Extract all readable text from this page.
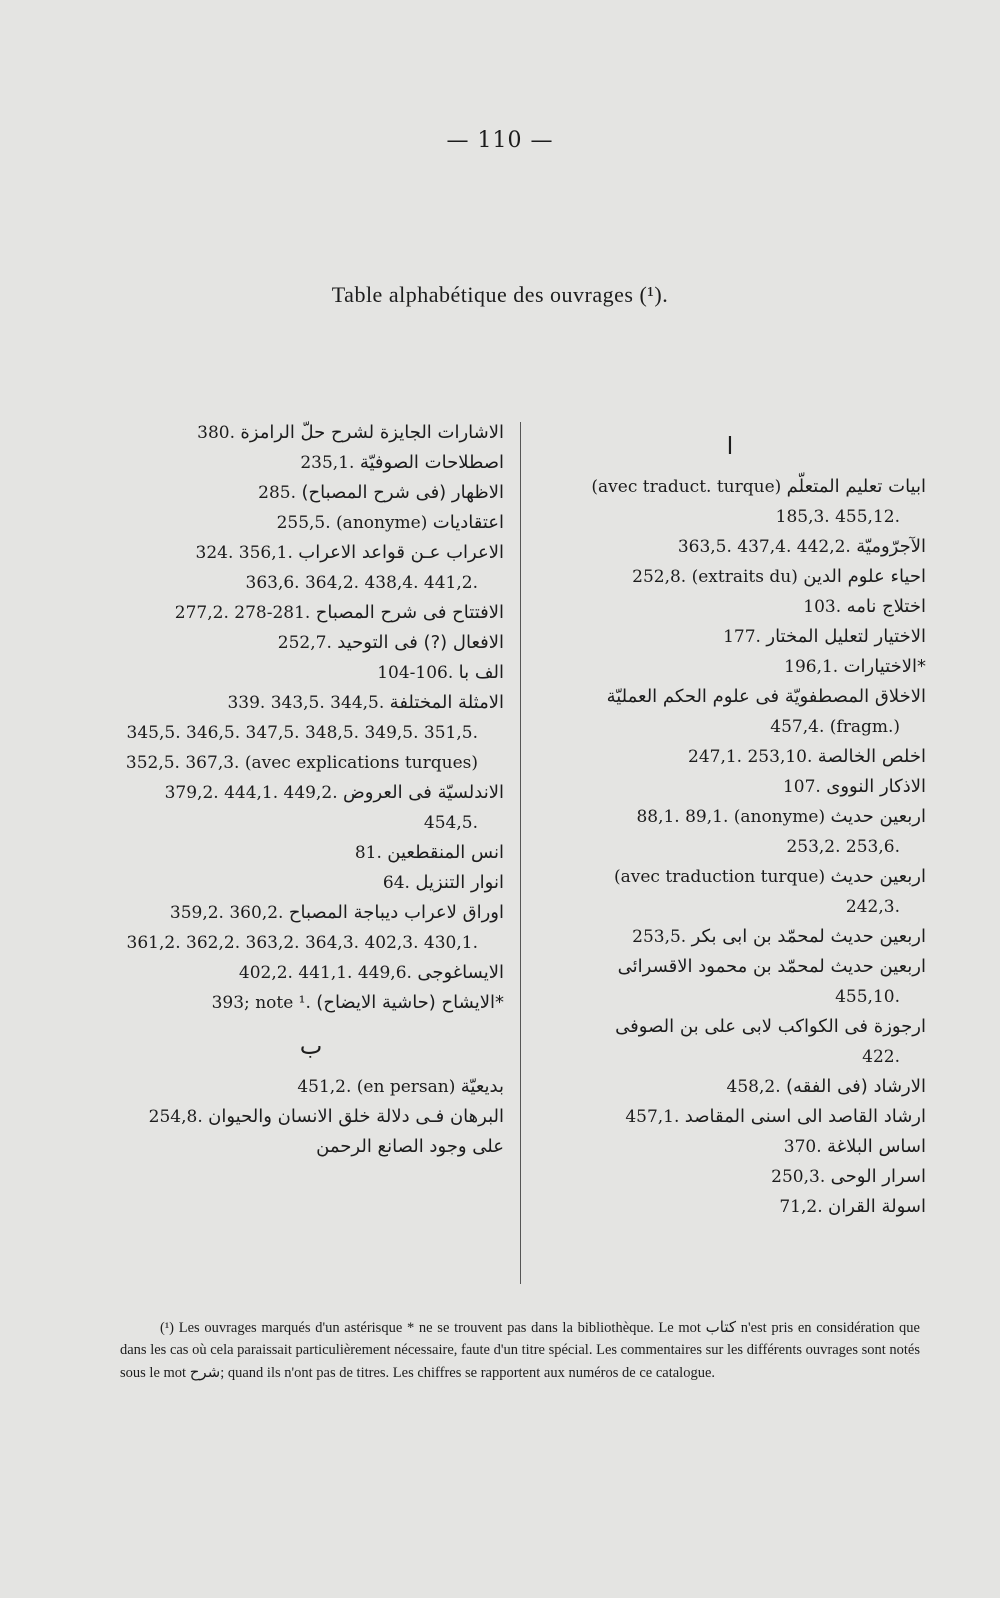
— 110 —
Table alphabétique des ouvrages (¹).
380. الاشارات الجايزة لشرح حلّ الرامزة
235,1. اصطلاحات الصوفيّة
285. الاظهار (فى شرح المصباح)
255,5. (anonyme) اعتقاديات
324. 356,1. الاعراب عـن قواعد الاعراب
363,6. 364,2. 438,4. 441,2.
277,2. 278-281. الافتتاح فى شرح المصباح
252,7. الافعال (?) فى التوحيد
104-106. الف با
339. 343,5. 344,5. الامثلة المختلفة
345,5. 346,5. 347,5. 348,5. 349,5. 351,5. 352,5. 367,3. (avec explications turques)
379,2. 444,1. 449,2. الاندلسيّة فى العروض
454,5.
81. انس المنقطعين
64. انوار التنزيل
359,2. 360,2. اوراق لاعراب ديباجة المصباح
361,2. 362,2. 363,2. 364,3. 402,3. 430,1.
402,2. 441,1. 449,6. الايساغوجى
393; note ¹. *الايشاح (حاشية الايضاح)
ب
451,2. (en persan) بديعيّة
254,8. البرهان فـى دلالة خلق الانسان والحيوان على وجود الصانع الرحمن
ا
(avec traduct. turque) ابيات تعليم المتعلّم
185,3. 455,12.
363,5. 437,4. 442,2. الآجرّوميّة
252,8. (extraits du) احياء علوم الدين
103. اختلاج نامه
177. الاختيار لتعليل المختار
196,1. *الاختيارات
الاخلاق المصطفويّة فى علوم الحكم العمليّة
457,4. (fragm.)
247,1. 253,10. اخلص الخالصة
107. الاذكار النووى
88,1. 89,1. (anonyme) اربعين حديث
253,2. 253,6.
(avec traduction turque) اربعين حديث
242,3.
253,5. اربعين حديث لمحمّد بن ابى بكر
اربعين حديث لمحمّد بن محمود الاقسرائى
455,10.
ارجوزة فى الكواكب لابى على بن الصوفى
422.
458,2. الارشاد (فى الفقه)
457,1. ارشاد القاصد الى اسنى المقاصد
370. اساس البلاغة
250,3. اسرار الوحى
71,2. اسولة القران

(¹) Les ouvrages marqués d'un astérisque * ne se trouvent pas dans la bibliothèque. Le mot كتاب n'est pris en considération que dans les cas où cela paraissait particulièrement nécessaire, faute d'un titre spécial. Les commentaires sur les différents ouvrages sont notés sous le mot شرح; quand ils n'ont pas de titres. Les chiffres se rapportent aux numéros de ce catalogue.
